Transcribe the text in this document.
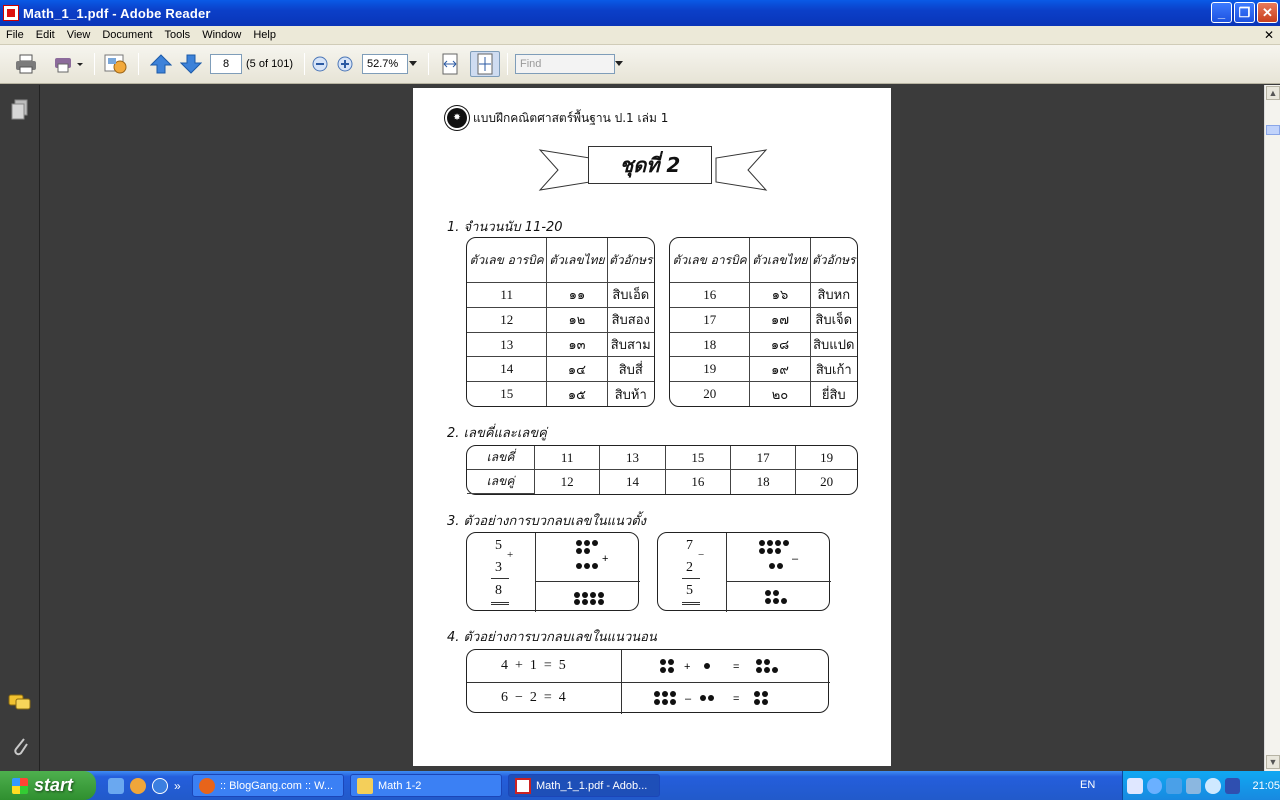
Math_1_1.pdf - Adobe Reader	_	❐ ✕
File	Edit	View	Document	Tools	Window	Help	✕
8	(5 of 101)	52.7%	Find
✸	แบบฝึกคณิตศาสตร์พื้นฐาน ป.1 เล่ม 1
ชุดที่ 2
1. จำนวนนับ 11-20
ตัวเลข อารบิค	ตัวเลขไทย	ตัวอักษร
11	๑๑	สิบเอ็ด
12	๑๒	สิบสอง
13	๑๓	สิบสาม
14	๑๔	สิบสี่
15	๑๕	สิบห้า
ตัวเลข อารบิค	ตัวเลขไทย	ตัวอักษร
16	๑๖	สิบหก
17	๑๗	สิบเจ็ด
18	๑๘	สิบแปด
19	๑๙	สิบเก้า
20	๒๐	ยี่สิบ
2. เลขคี่และเลขคู่
เลขคี่	11	13	15	17	19
เลขคู่	12	14	16	18	20
3. ตัวอย่างการบวกลบเลขในแนวตั้ง
5
+
3
8
+
7
−
2
5
–
4. ตัวอย่างการบวกลบเลขในแนวนอน
4  +  1  =  5
6  −  2  =  4
+	=
–	=
▲
▼
start	»	:: BlogGang.com :: W...	Math 1-2	Math_1_1.pdf - Adob...	EN	21:05
